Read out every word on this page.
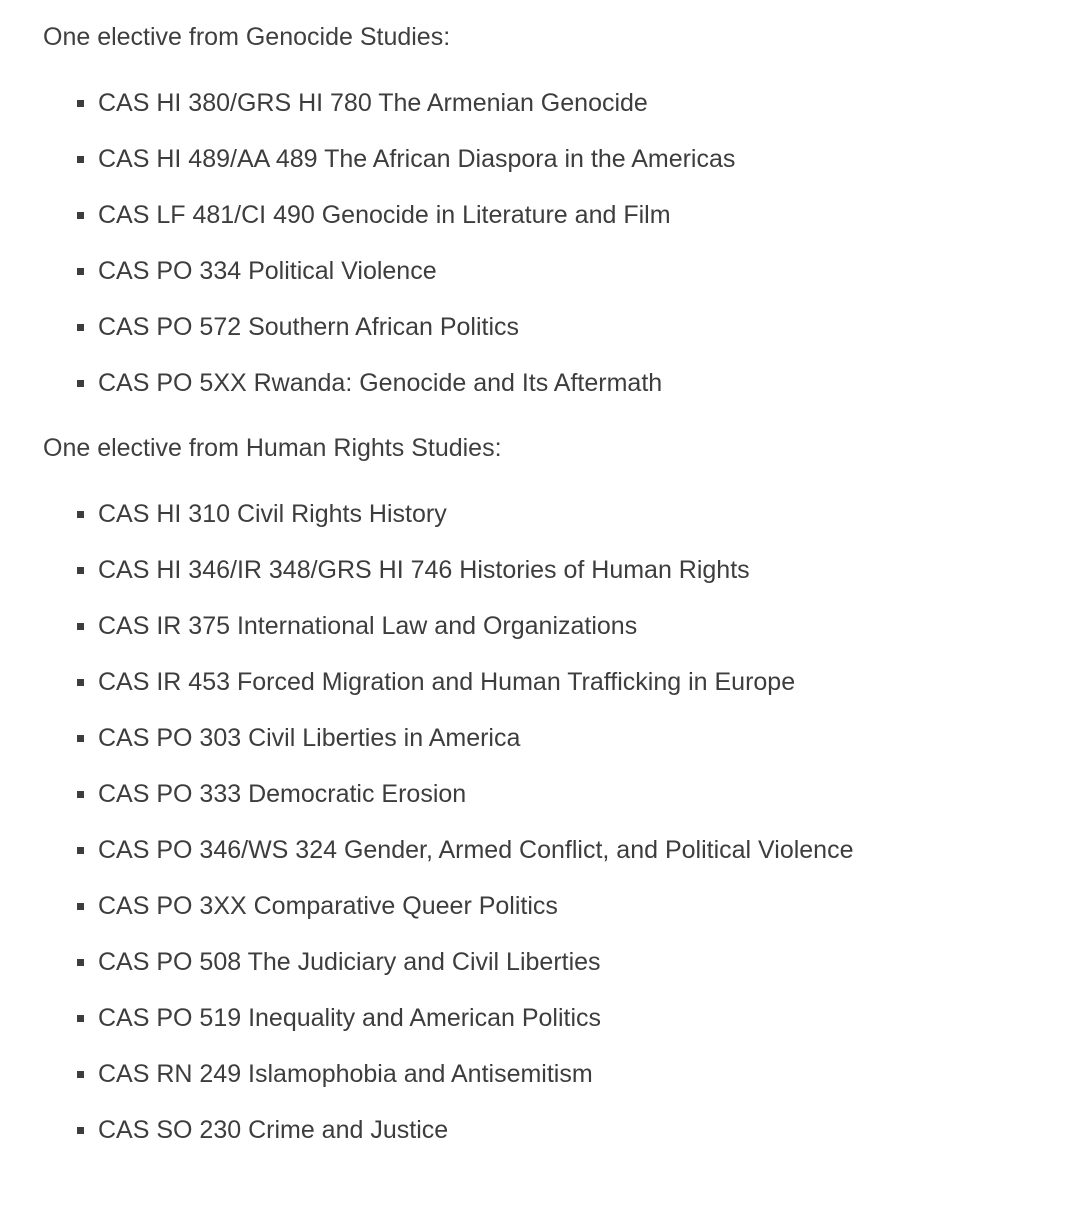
One elective from Genocide Studies:

CAS HI 380/GRS HI 780 The Armenian Genocide
CAS HI 489/AA 489 The African Diaspora in the Americas
CAS LF 481/CI 490 Genocide in Literature and Film
CAS PO 334 Political Violence
CAS PO 572 Southern African Politics
CAS PO 5XX Rwanda: Genocide and Its Aftermath

One elective from Human Rights Studies:

CAS HI 310 Civil Rights History
CAS HI 346/IR 348/GRS HI 746 Histories of Human Rights
CAS IR 375 International Law and Organizations
CAS IR 453 Forced Migration and Human Trafficking in Europe
CAS PO 303 Civil Liberties in America
CAS PO 333 Democratic Erosion
CAS PO 346/WS 324 Gender, Armed Conflict, and Political Violence
CAS PO 3XX Comparative Queer Politics
CAS PO 508 The Judiciary and Civil Liberties
CAS PO 519 Inequality and American Politics
CAS RN 249 Islamophobia and Antisemitism
CAS SO 230 Crime and Justice
